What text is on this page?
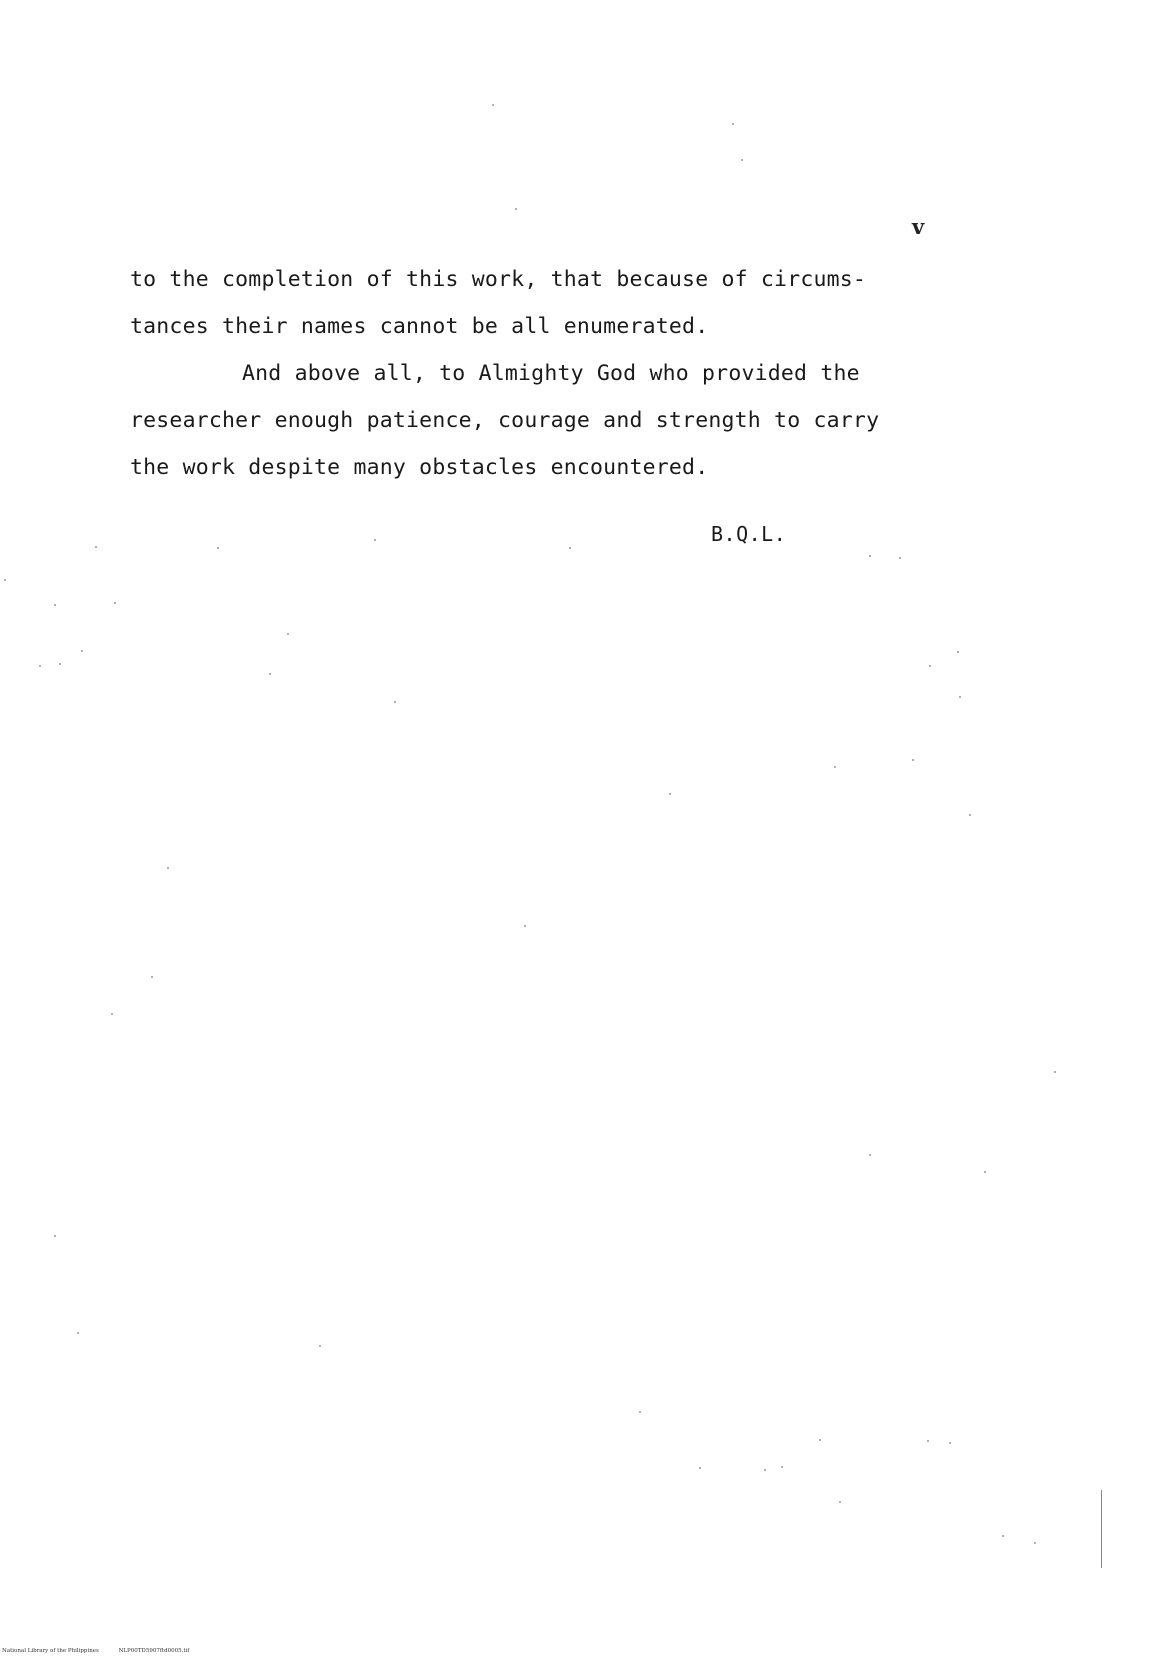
v

to the completion of this work, that because of circums-

tances their names cannot be all enumerated.

And above all, to Almighty God who provided the

researcher enough patience, courage and strength to carry

the work despite many obstacles encountered.

B.Q.L.
National Library of the Philippines	NLP00TD5907ftd0005.tif
